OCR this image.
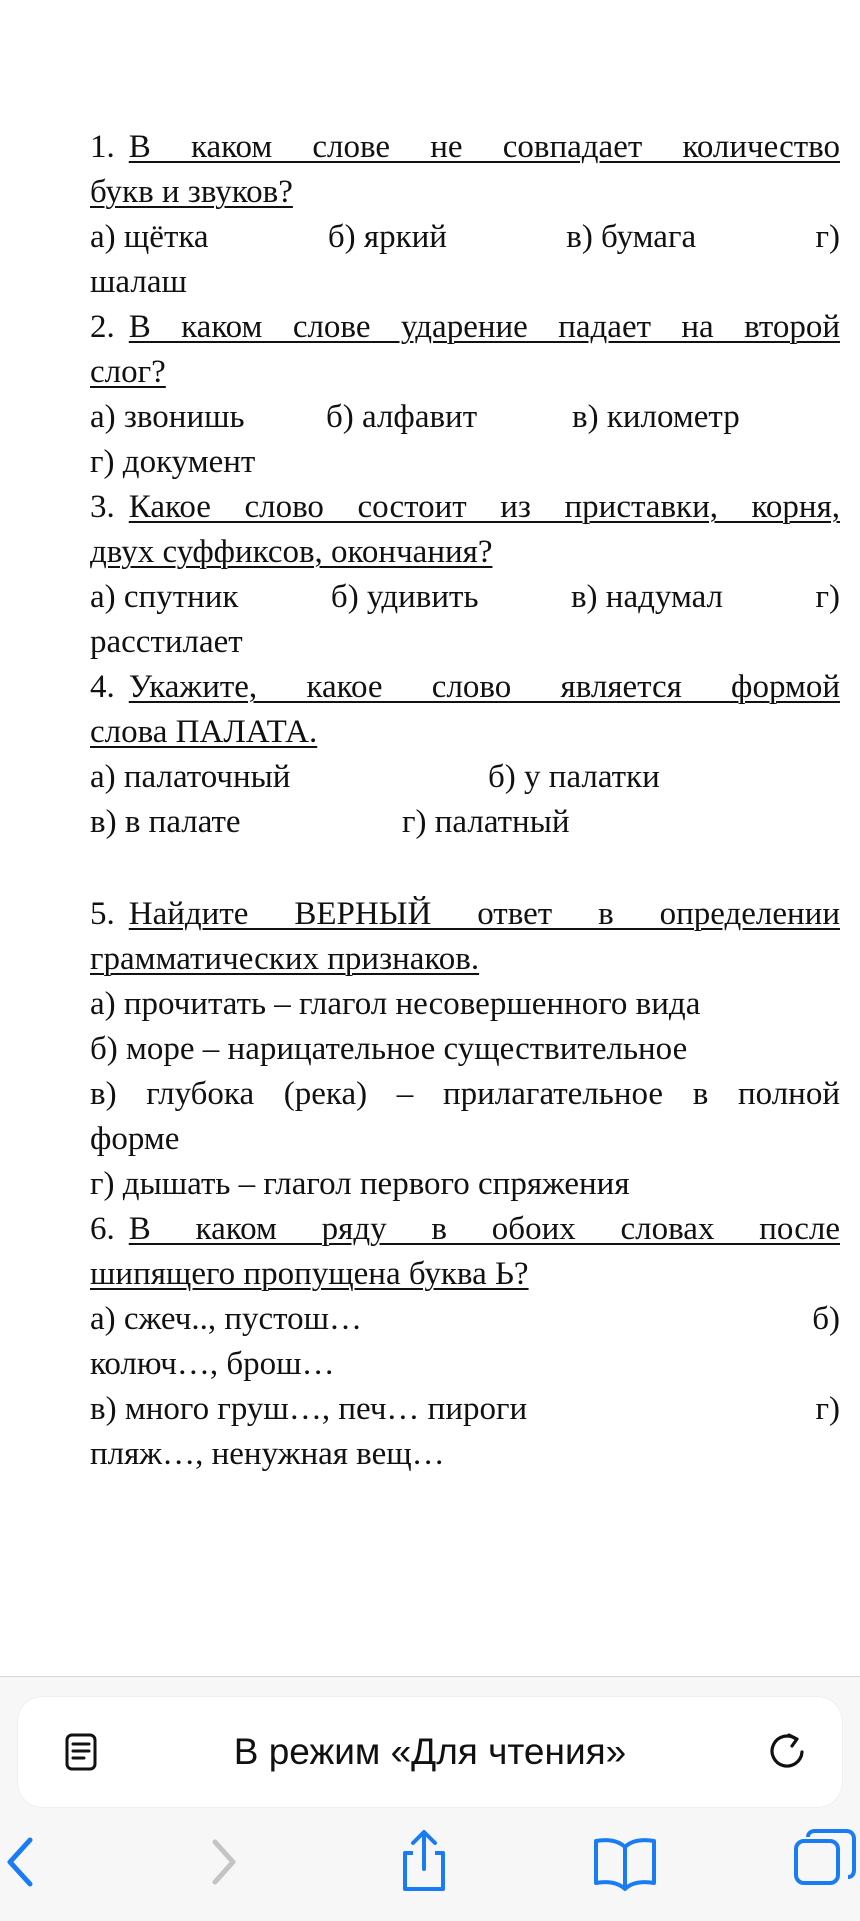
1. В каком слове не совпадает количество
букв и звуков?
а) щётка	б) яркий	в) бумага	г)
шалаш
2. В каком слове ударение падает на второй
слог?
а) звонишь б) алфавит	в) километр
г) документ
3. Какое слово состоит из приставки, корня,
двух суффиксов, окончания?
а) спутник	б) удивить	в) надумал	г)
расстилает
4. Укажите, какое слово является формой
слова ПАЛАТА.
а) палаточный	б) у палатки
в) в палате	г) палатный
5. Найдите ВЕРНЫЙ ответ в определении
грамматических признаков.
а) прочитать – глагол несовершенного вида
б) море – нарицательное существительное
в) глубока (река) – прилагательное в полной
форме
г) дышать – глагол первого спряжения
6. В каком ряду в обоих словах после
шипящего пропущена буква Ь?
а) сжеч.., пустош…	б)
колюч…, брош…
в) много груш…, печ… пироги	г)
пляж…, ненужная вещ…
В режим «Для чтения»
